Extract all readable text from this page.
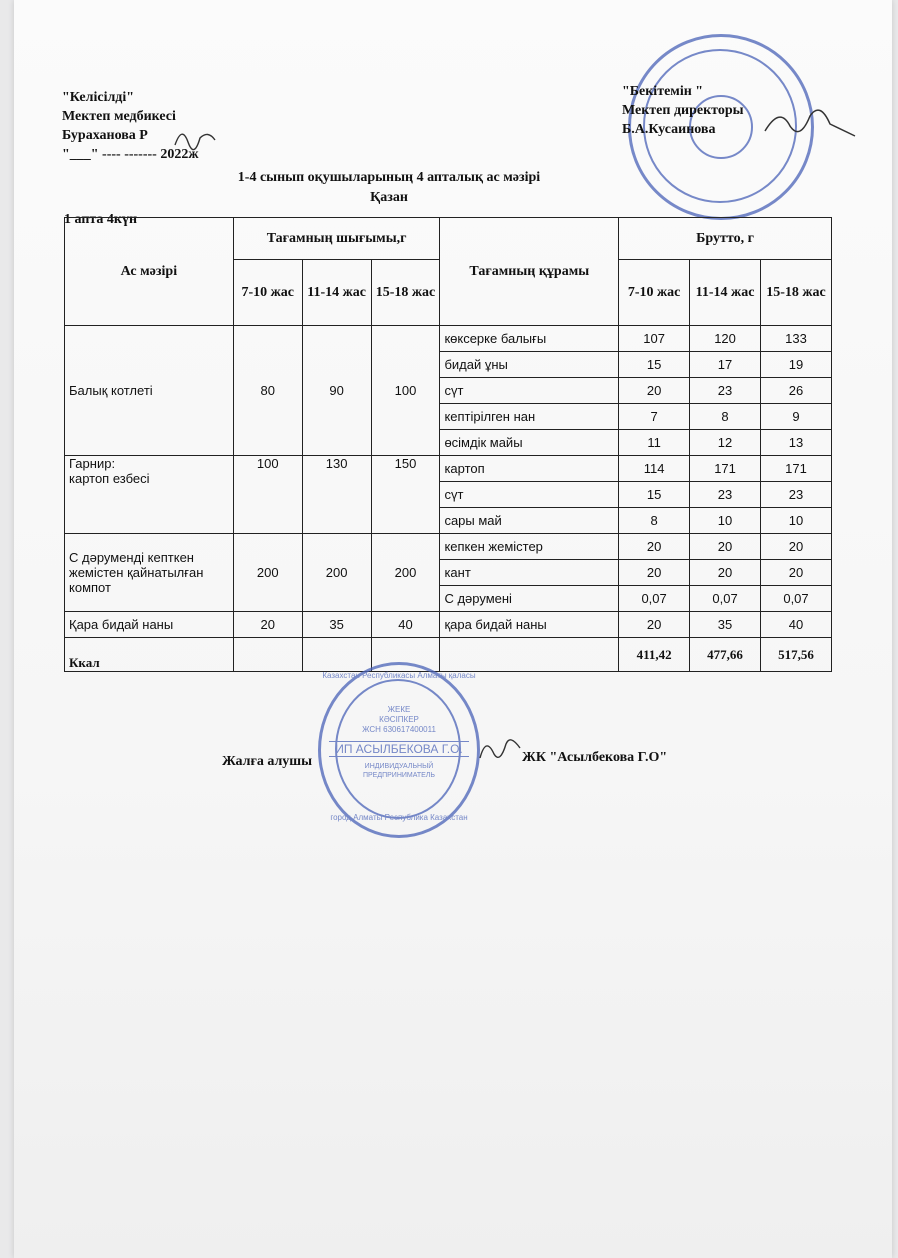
"Келісілді"
Мектеп медбикесі
Бураханова Р
"___" ---- ------- 2022ж
"Бекітемін "
Мектеп директоры
Б.А.Кусаинова
1-4 сынып оқушыларының 4 апталық ас мәзірі
Қазан
1 апта 4күн
Ас мәзірі	Тағамның шығымы,г			Тағамның құрамы	Брутто, г		
	7-10 жас	11-14 жас	15-18 жас		7-10 жас	11-14 жас	15-18 жас
Балық котлеті	80	90	100	көксерке балығы	107	120	133
				бидай ұны	15	17	19
				сүт	20	23	26
				кептірілген нан	7	8	9
				өсімдік майы	11	12	13
Гарнир:
картоп езбесі	100	130	150	картоп	114	171	171
				сүт	15	23	23
				сары май	8	10	10
С дәруменді кепткен жемістен қайнатылған компот	200	200	200	кепкен жемістер	20	20	20
				кант	20	20	20
				С дәрумені	0,07	0,07	0,07
Қара бидай наны	20	35	40	қара бидай наны	20	35	40
Ккал					411,42	477,66	517,56
Казахстан Республикасы Алматы қаласы
ЖЕКЕ
КӘСІПКЕР
ЖСН 630617400011
ИП АСЫЛБЕКОВА Г.О.
ИНДИВИДУАЛЬНЫЙ
ПРЕДПРИНИМАТЕЛЬ
город Алматы Республика Казахстан
Жалға алушы	ЖК "Асылбекова Г.О"
